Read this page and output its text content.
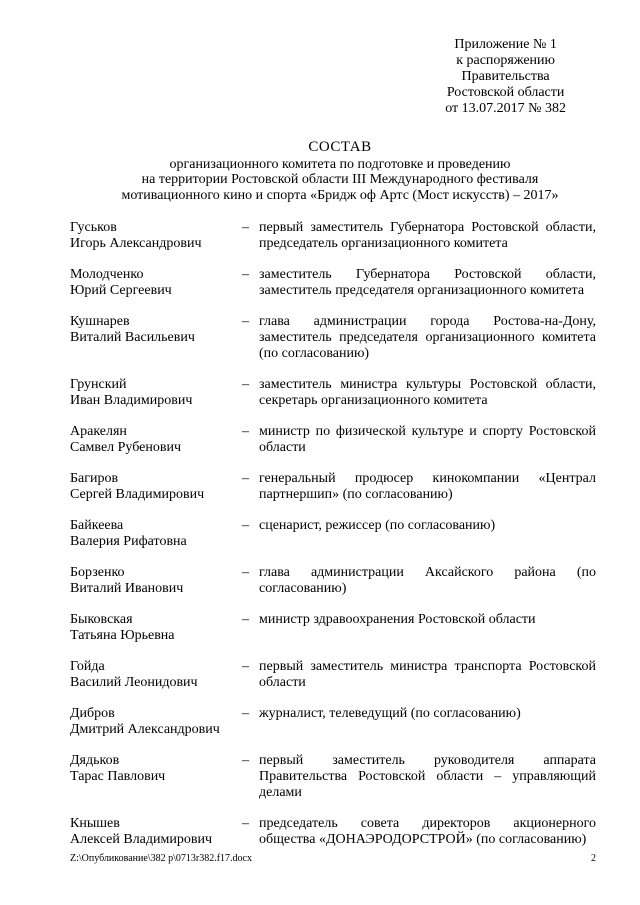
Приложение № 1
к распоряжению
Правительства
Ростовской области
от 13.07.2017 № 382
СОСТАВ
организационного комитета по подготовке и проведению
на территории Ростовской области III Международного фестиваля
мотивационного кино и спорта «Бридж оф Артс (Мост искусств) – 2017»
Гуськов
Игорь Александрович
– первый заместитель Губернатора Ростовской области, председатель организационного комитета
Молодченко
Юрий Сергеевич
– заместитель Губернатора Ростовской области, заместитель председателя организационного комитета
Кушнарев
Виталий Васильевич
– глава администрации города Ростова-на-Дону, заместитель председателя организационного комитета (по согласованию)
Грунский
Иван Владимирович
– заместитель министра культуры Ростовской области, секретарь организационного комитета
Аракелян
Самвел Рубенович
– министр по физической культуре и спорту Ростовской области
Багиров
Сергей Владимирович
– генеральный продюсер кинокомпании «Централ партнершип» (по согласованию)
Байкеева
Валерия Рифатовна
– сценарист, режиссер (по согласованию)
Борзенко
Виталий Иванович
– глава администрации Аксайского района (по согласованию)
Быковская
Татьяна Юрьевна
– министр здравоохранения Ростовской области
Гойда
Василий Леонидович
– первый заместитель министра транспорта Ростовской области
Дибров
Дмитрий Александрович
– журналист, телеведущий (по согласованию)
Дядьков
Тарас Павлович
– первый заместитель руководителя аппарата Правительства Ростовской области – управляющий делами
Кнышев
Алексей Владимирович
– председатель совета директоров акционерного общества «ДОНАЭРОДОРСТРОЙ» (по согласованию)
Z:\Опубликование\382 р\0713r382.f17.docx	2
